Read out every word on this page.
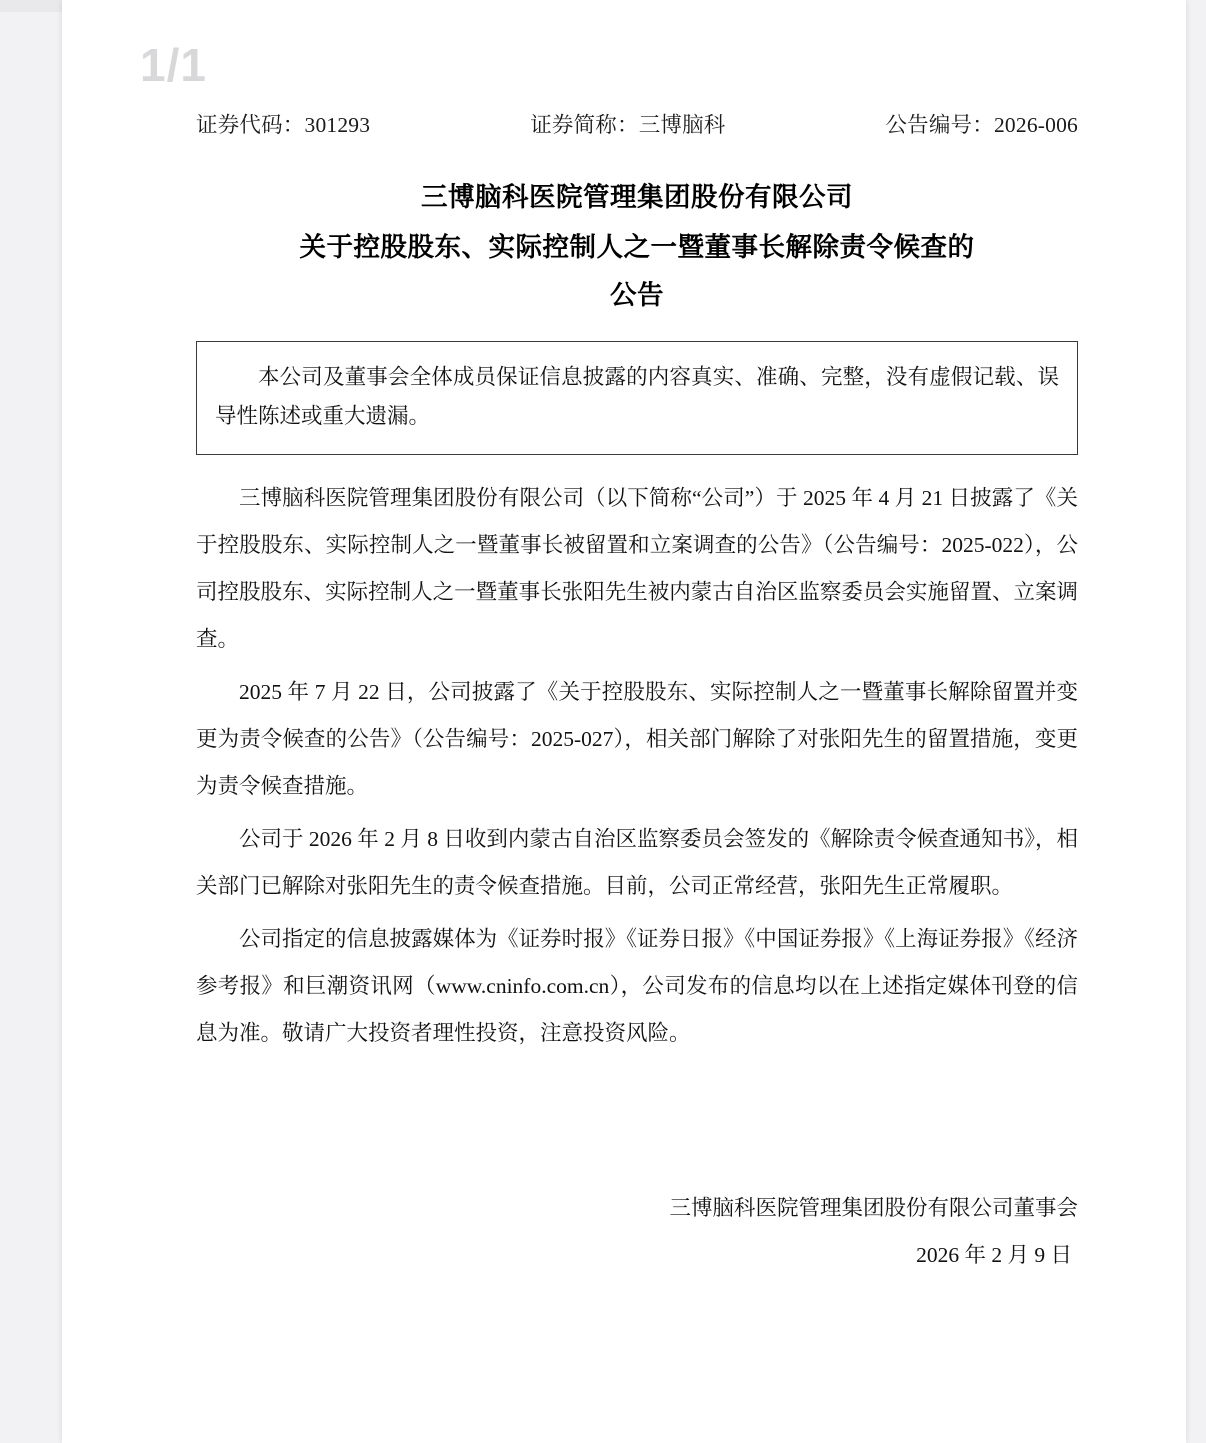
1/1
证券代码：301293	证券简称：三博脑科	公告编号：2026-006
三博脑科医院管理集团股份有限公司
关于控股股东、实际控制人之一暨董事长解除责令候查的
公告

本公司及董事会全体成员保证信息披露的内容真实、准确、完整，没有虚假记载、误导性陈述或重大遗漏。

三博脑科医院管理集团股份有限公司（以下简称“公司”）于 2025 年 4 月 21 日披露了《关于控股股东、实际控制人之一暨董事长被留置和立案调查的公告》（公告编号：2025-022），公司控股股东、实际控制人之一暨董事长张阳先生被内蒙古自治区监察委员会实施留置、立案调查。

2025 年 7 月 22 日，公司披露了《关于控股股东、实际控制人之一暨董事长解除留置并变更为责令候查的公告》（公告编号：2025-027），相关部门解除了对张阳先生的留置措施，变更为责令候查措施。

公司于 2026 年 2 月 8 日收到内蒙古自治区监察委员会签发的《解除责令候查通知书》，相关部门已解除对张阳先生的责令候查措施。目前，公司正常经营，张阳先生正常履职。

公司指定的信息披露媒体为《证券时报》《证券日报》《中国证券报》《上海证券报》《经济参考报》和巨潮资讯网（www.cninfo.com.cn），公司发布的信息均以在上述指定媒体刊登的信息为准。敬请广大投资者理性投资，注意投资风险。

三博脑科医院管理集团股份有限公司董事会
2026 年 2 月 9 日
